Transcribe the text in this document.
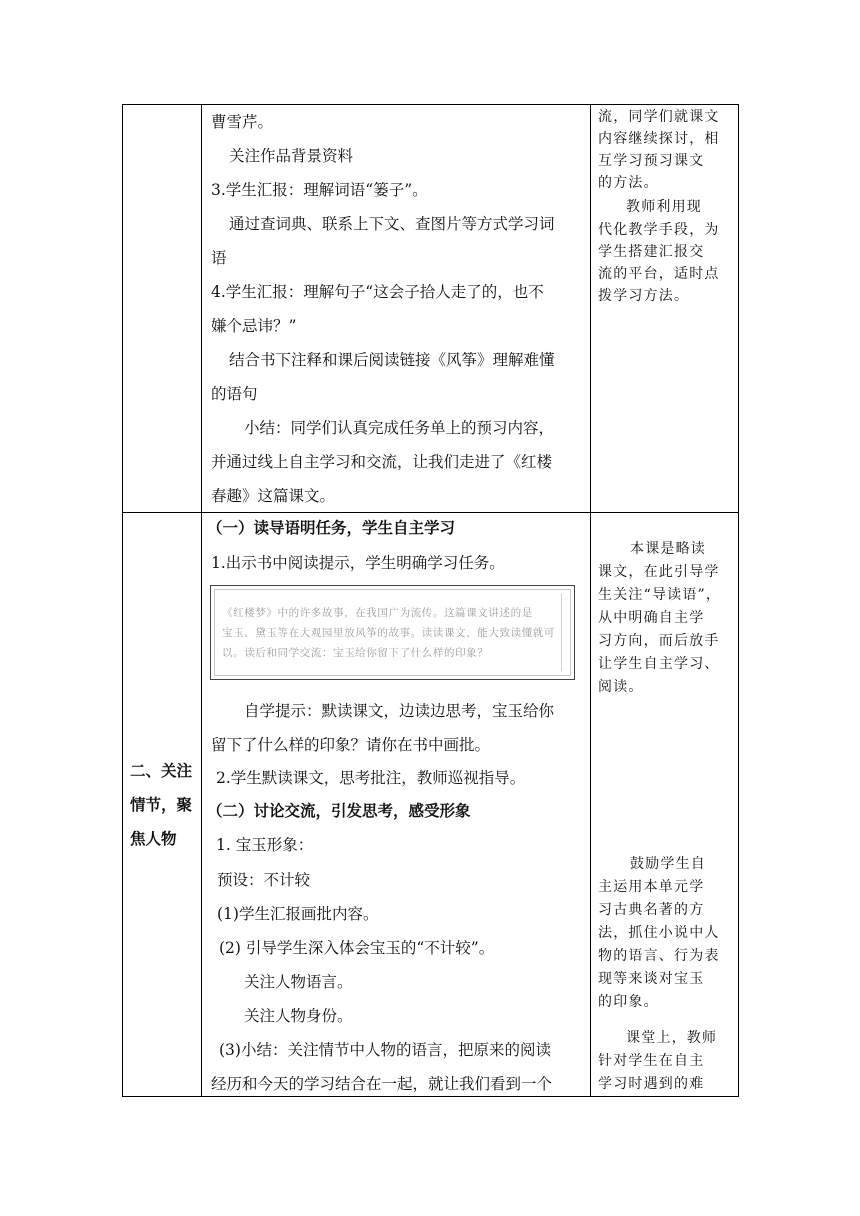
曹雪芹。
关注作品背景资料
3.学生汇报：理解词语“篓子”。
通过查词典、联系上下文、查图片等方式学习词
语
4.学生汇报：理解句子“这会子拾人走了的，也不
嫌个忌讳？”
结合书下注释和课后阅读链接《风筝》理解难懂
的语句
小结：同学们认真完成任务单上的预习内容，
并通过线上自主学习和交流，让我们走进了《红楼
春趣》这篇课文。
流，同学们就课文
内容继续探讨，相
互学习预习课文
的方法。
教师利用现
代化教学手段，为
学生搭建汇报交
流的平台，适时点
拨学习方法。
二、关注
情节，聚
焦人物
（一）读导语明任务，学生自主学习
1.出示书中阅读提示，学生明确学习任务。
《红楼梦》中的许多故事，在我国广为流传。这篇课文讲述的是
宝玉、黛玉等在大观园里放风筝的故事。读读课文，能大致读懂就可
以。读后和同学交流：宝玉给你留下了什么样的印象？
自学提示：默读课文，边读边思考，宝玉给你
留下了什么样的印象？请你在书中画批。
2.学生默读课文，思考批注，教师巡视指导。
（二）讨论交流，引发思考，感受形象
1. 宝玉形象：
预设：不计较
(1)学生汇报画批内容。
(2) 引导学生深入体会宝玉的“不计较”。
关注人物语言。
关注人物身份。
(3)小结：关注情节中人物的语言，把原来的阅读
经历和今天的学习结合在一起，就让我们看到一个
本课是略读
课文，在此引导学
生关注“导读语”，
从中明确自主学
习方向，而后放手
让学生自主学习、
阅读。
鼓励学生自
主运用本单元学
习古典名著的方
法，抓住小说中人
物的语言、行为表
现等来谈对宝玉
的印象。
课堂上，教师
针对学生在自主
学习时遇到的难
